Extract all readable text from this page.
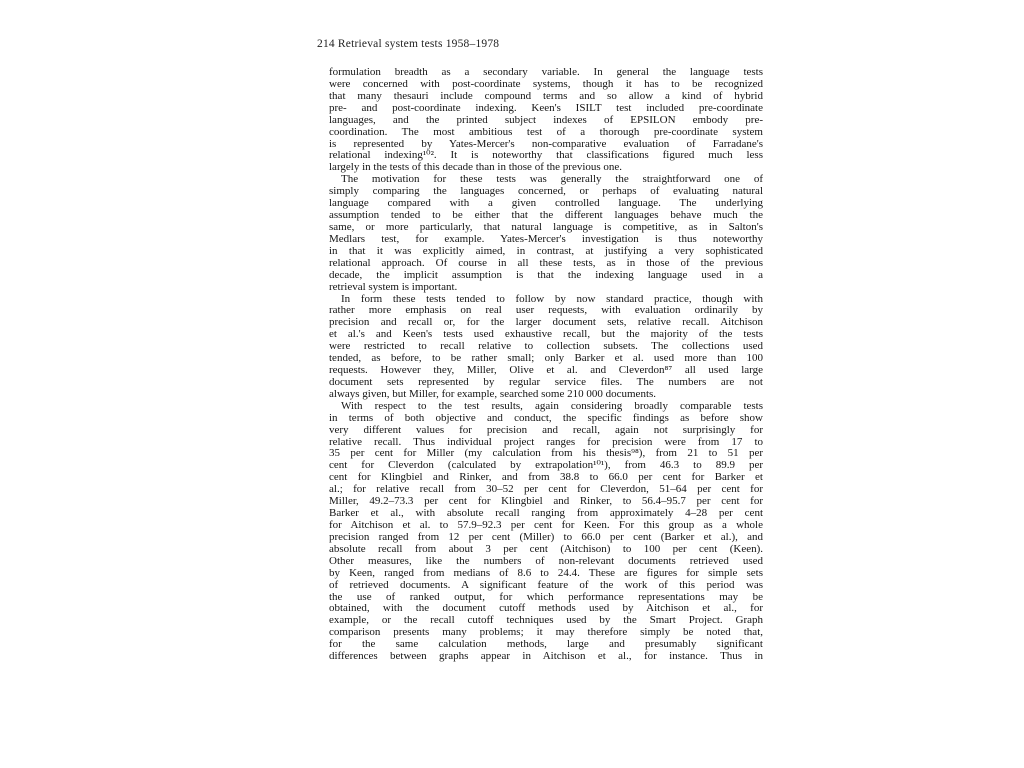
214 Retrieval system tests 1958–1978
formulation breadth as a secondary variable. In general the language tests
were concerned with post-coordinate systems, though it has to be recognized
that many thesauri include compound terms and so allow a kind of hybrid
pre- and post-coordinate indexing. Keen's ISILT test included pre-coordinate
languages, and the printed subject indexes of EPSILON embody pre-
coordination. The most ambitious test of a thorough pre-coordinate system
is represented by Yates-Mercer's non-comparative evaluation of Farradane's
relational indexing¹⁰². It is noteworthy that classifications figured much less
largely in the tests of this decade than in those of the previous one.
The motivation for these tests was generally the straightforward one of
simply comparing the languages concerned, or perhaps of evaluating natural
language compared with a given controlled language. The underlying
assumption tended to be either that the different languages behave much the
same, or more particularly, that natural language is competitive, as in Salton's
Medlars test, for example. Yates-Mercer's investigation is thus noteworthy
in that it was explicitly aimed, in contrast, at justifying a very sophisticated
relational approach. Of course in all these tests, as in those of the previous
decade, the implicit assumption is that the indexing language used in a
retrieval system is important.
In form these tests tended to follow by now standard practice, though with
rather more emphasis on real user requests, with evaluation ordinarily by
precision and recall or, for the larger document sets, relative recall. Aitchison
et al.'s and Keen's tests used exhaustive recall, but the majority of the tests
were restricted to recall relative to collection subsets. The collections used
tended, as before, to be rather small; only Barker et al. used more than 100
requests. However they, Miller, Olive et al. and Cleverdon⁸⁷ all used large
document sets represented by regular service files. The numbers are not
always given, but Miller, for example, searched some 210 000 documents.
With respect to the test results, again considering broadly comparable tests
in terms of both objective and conduct, the specific findings as before show
very different values for precision and recall, again not surprisingly for
relative recall. Thus individual project ranges for precision were from 17 to
35 per cent for Miller (my calculation from his thesis⁹⁸), from 21 to 51 per
cent for Cleverdon (calculated by extrapolation¹⁰¹), from 46.3 to 89.9 per
cent for Klingbiel and Rinker, and from 38.8 to 66.0 per cent for Barker et
al.; for relative recall from 30–52 per cent for Cleverdon, 51–64 per cent for
Miller, 49.2–73.3 per cent for Klingbiel and Rinker, to 56.4–95.7 per cent for
Barker et al., with absolute recall ranging from approximately 4–28 per cent
for Aitchison et al. to 57.9–92.3 per cent for Keen. For this group as a whole
precision ranged from 12 per cent (Miller) to 66.0 per cent (Barker et al.), and
absolute recall from about 3 per cent (Aitchison) to 100 per cent (Keen).
Other measures, like the numbers of non-relevant documents retrieved used
by Keen, ranged from medians of 8.6 to 24.4. These are figures for simple sets
of retrieved documents. A significant feature of the work of this period was
the use of ranked output, for which performance representations may be
obtained, with the document cutoff methods used by Aitchison et al., for
example, or the recall cutoff techniques used by the Smart Project. Graph
comparison presents many problems; it may therefore simply be noted that,
for the same calculation methods, large and presumably significant
differences between graphs appear in Aitchison et al., for instance. Thus in
